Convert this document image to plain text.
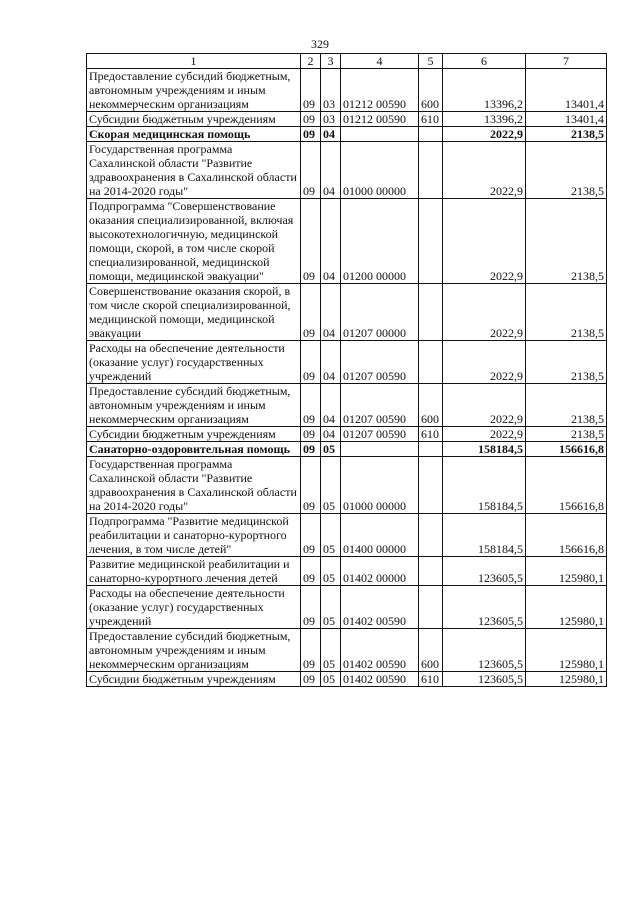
329
1	2	3	4	5	6	7
Предоставление субсидий бюджетным, автономным учреждениям и иным некоммерческим организациям	09	03	01212 00590	600	13396,2	13401,4
Субсидии бюджетным учреждениям	09	03	01212 00590	610	13396,2	13401,4
Скорая медицинская помощь	09	04			2022,9	2138,5
Государственная программа Сахалинской области "Развитие здравоохранения в Сахалинской области на 2014-2020 годы"	09	04	01000 00000		2022,9	2138,5
Подпрограмма "Совершенствование оказания специализированной, включая высокотехнологичную, медицинской помощи, скорой, в том числе скорой специализированной, медицинской помощи, медицинской эвакуации"	09	04	01200 00000		2022,9	2138,5
Совершенствование оказания скорой, в том числе скорой специализированной, медицинской помощи, медицинской эвакуации	09	04	01207 00000		2022,9	2138,5
Расходы на обеспечение деятельности (оказание услуг) государственных учреждений	09	04	01207 00590		2022,9	2138,5
Предоставление субсидий бюджетным, автономным учреждениям и иным некоммерческим организациям	09	04	01207 00590	600	2022,9	2138,5
Субсидии бюджетным учреждениям	09	04	01207 00590	610	2022,9	2138,5
Санаторно-оздоровительная помощь	09	05			158184,5	156616,8
Государственная программа Сахалинской области "Развитие здравоохранения в Сахалинской области на 2014-2020 годы"	09	05	01000 00000		158184,5	156616,8
Подпрограмма "Развитие медицинской реабилитации и санаторно-курортного лечения, в том числе детей"	09	05	01400 00000		158184,5	156616,8
Развитие медицинской реабилитации и санаторно-курортного лечения детей	09	05	01402 00000		123605,5	125980,1
Расходы на обеспечение деятельности (оказание услуг) государственных учреждений	09	05	01402 00590		123605,5	125980,1
Предоставление субсидий бюджетным, автономным учреждениям и иным некоммерческим организациям	09	05	01402 00590	600	123605,5	125980,1
Субсидии бюджетным учреждениям	09	05	01402 00590	610	123605,5	125980,1
